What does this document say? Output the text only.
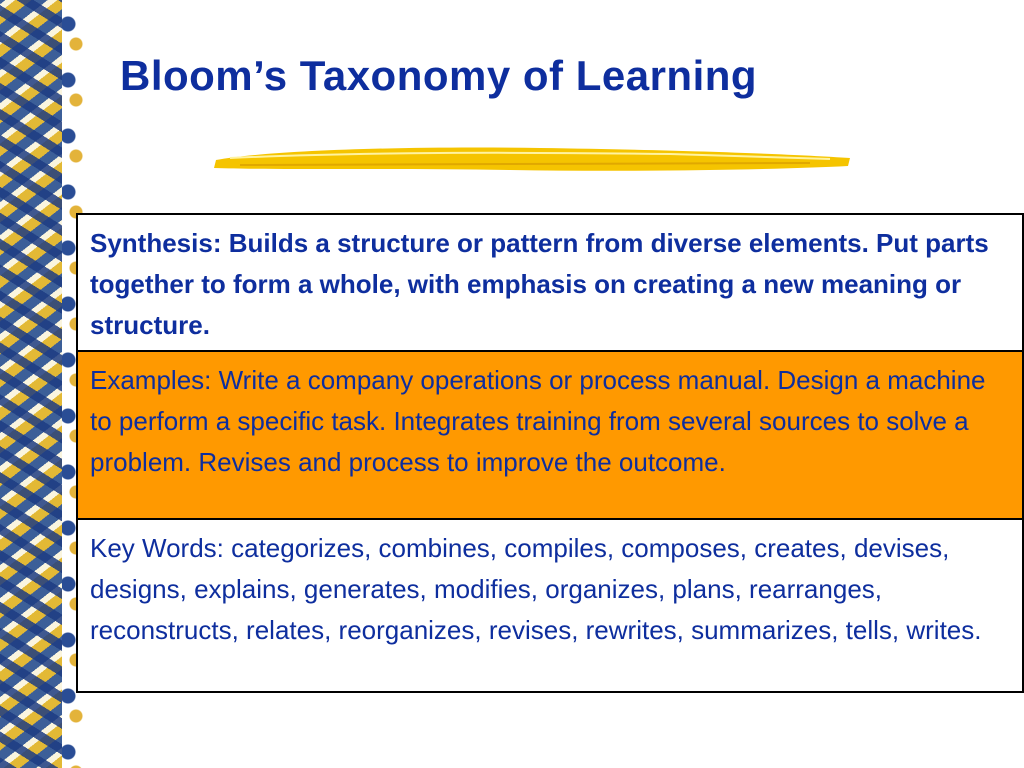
Bloom’s Taxonomy of Learning
Synthesis: Builds a structure or pattern from diverse elements. Put parts together to form a whole, with emphasis on creating a new meaning or structure.
Examples: Write a company operations or process manual. Design a machine to perform a specific task. Integrates training from several sources to solve a problem. Revises and process to improve the outcome.
Key Words: categorizes, combines, compiles, composes, creates, devises, designs, explains, generates, modifies, organizes, plans, rearranges, reconstructs, relates, reorganizes, revises, rewrites, summarizes, tells, writes.
